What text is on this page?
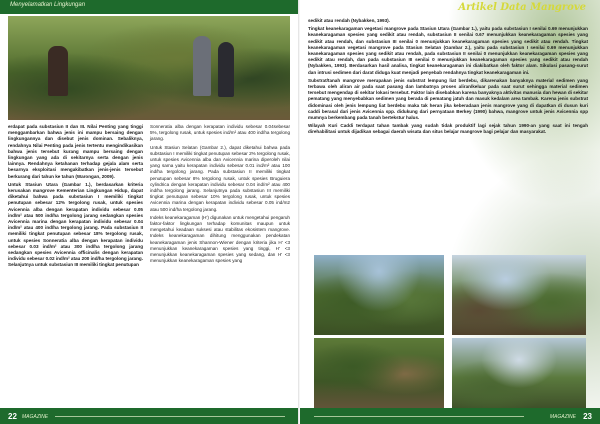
Menyelamatkan Lingkungan

erdapat pada substasiun II dan III. Nilai Penting yang tinggi menggambarkan bahwa jenis ini mampu bersaing dengan lingkungannya dan disebut jenis dominan. Sebaliknya, rendahnya Nilai Penting pada jenis tertentu mengindikasikan bahwa jenis tersebut kurang mampu bersaing dengan lingkungan yang ada di sekitarnya serta dengan jenis lainnya. Rendahnya ketahanan terhadap gejala alam serta besarnya eksploitasi mengakibatkan jenis-jenis tersebut berkurang dari tahun ke tahun (Warongan, 2009).

Untuk Stasiun Utara (Gambar 1.), berdasarkan kriteria kerusakan mangrove Kementerian Lingkungan Hidup, dapat diketahui bahwa pada substasiun I memiliki tingkat penutupan sebesar 12% tergolong rusak, untuk spesies Avicennia alba dengan kerapatan individu sebesar 0.05 ind/m² atau 500 ind/ha tergolong jarang sedangkan spesies Avicennia marina dengan kerapatan individu sebesar 0.04 ind/m² atau 400 ind/ha tergolong jarang. Pada substasiun II memiliki tingkat penutupan sebesar 18% tergolong rusak, untuk spesies Sonneratia alba dengan kerapatan individu sebesar 0.03 ind/m² atau 300 ind/ha tergolong jarang sedangkan spesies Avicennia officinalis dengan kerapatan individu sebesar 0.02 ind/m² atau 200 ind/ha tergolong jarang. Selanjutnya untuk substasiun III memiliki tingkat penutupan

Sonneratia alba dengan kerapatan individu sebesar 0.04sebesar 5%, tergolong rusak, untuk spesies ind/m² atau 400 ind/ha tergolong jarang.

Untuk Stasiun Selatan (Gambar 2.), dapat diketahui bahwa pada substasiun I memiliki tingkat penutupan sebesar 2% tergolong rusak, untuk spesies Avicennia alba dan Avicennia marina diperoleh nilai yang sama yaitu kerapatan individu sebesar 0.01 ind/m² atau 100 ind/ha tergolong jarang. Pada substasiun II memiliki tingkat penutupan sebesar 8% tergolong rusak, untuk spesies Bruguiera cylindrica dengan kerapatan individu sebesar 0.04 ind/m² atau 400 ind/ha tergolong jarang. Selanjutnya pada substasiun III memiliki tingkat penutupan sebesar 10% tergolong rusak, untuk spesies Avicennia marina dengan kerapatan individu sebesar 0.05 ind/m2 atau 500 ind/ha tergolong jarang.

Indeks keanekaragaman (H') digunakan untuk mengetahui pengaruh faktor-faktor lingkungan terhadap komunitas maupun untuk mengetahui keadaan suksesi atau stabilitas ekosistem mangrove. Indeks keanekaragaman dihitung menggunakan pendekatan keanekaragaman jenis Shannon-Wiener dengan kriteria jika H' <3 menunjukkan keanekaragaman spesies yang tinggi, H' <3 menunjukkan keanekaragaman spesies yang sedang, dan H' <3 menunjukkan keanekaragaman spesies yang

22 MAGAZINE
Artikel Data Mangrove

sedikit atau rendah (Nybakken, 1993).

Tingkat keanekaragaman vegetasi mangrove pada Stasiun Utara (Gambar 1.), yaitu pada substasiun I senilai 0.69 menunjukkan keanekaragaman spesies yang sedikit atau rendah, substasiun II senilai 0.67 menunjukkan keanekaragaman spesies yang sedikit atau rendah, dan substasiun III senilai 0 menunjukkan keanekaragaman spesies yang sedikit atau rendah. Tingkat keanekaragaman vegetasi mangrove pada Stasiun Selatan (Gambar 2.), yaitu pada substasiun I senilai 0.69 menunjukkan keanekaragaman spesies yang sedikit atau rendah, pada substasiun II senilai 0 menunjukkan keanekaragaman spesies yang sedikit atau rendah, dan pada substasiun III senilai 0 menunjukkan keanekaragaman spesies yang sedikit atau rendah (Nybakken, 1993). Berdasarkan hasil analisa, tingkat keanekaragaman ini diakibatkan oleh faktor alam. Sikulasi pasang-surut dan intrusi sedimen dari darat diduga kuat menjadi penyebab rendahnya tingkat keanekaragaman ini.

Substrat/tanah mangrove merupakan jenis substrat lempung liat berdebu, dikarenakan banyaknya material sedimen yang terbawa oleh aliran air pada saat pasang dan lambatnya proses aliran/keluar pada saat surut sehingga material sedimen tersebut mengendap di sekitar lokasi tersebut. Faktor lain disebabkan karena banyaknya aktivitas manusia dan hewan di sekitar pematang yang menyebabkan sedimen yang berada di pematang jatuh dan masuk kedalam area tambak. Karena jenis substrat didominasi oleh jenis lempung liat berdebu maka tak heran jika keberadaan jenis mangrove yang di dapatkan di dusun kuri caddi berasal dari jenis Avicennia spp. didukung dari pernyataan Berkey (1990) bahwa, mangrove untuk jenis Avicennia spp mumnya berkembang pada tanah bertekstur halus.

Wilayah Kuri Caddi terdapat tahan tambak yang sudah tidak produktif lagi sejak tahun 1990-an yang saat ini tengah direhabilitasi untuk dijadikan sebagai daerah wisata dan situs belajar mangrove bagi pelajar dan masyarakat.

MAGAZINE 23
